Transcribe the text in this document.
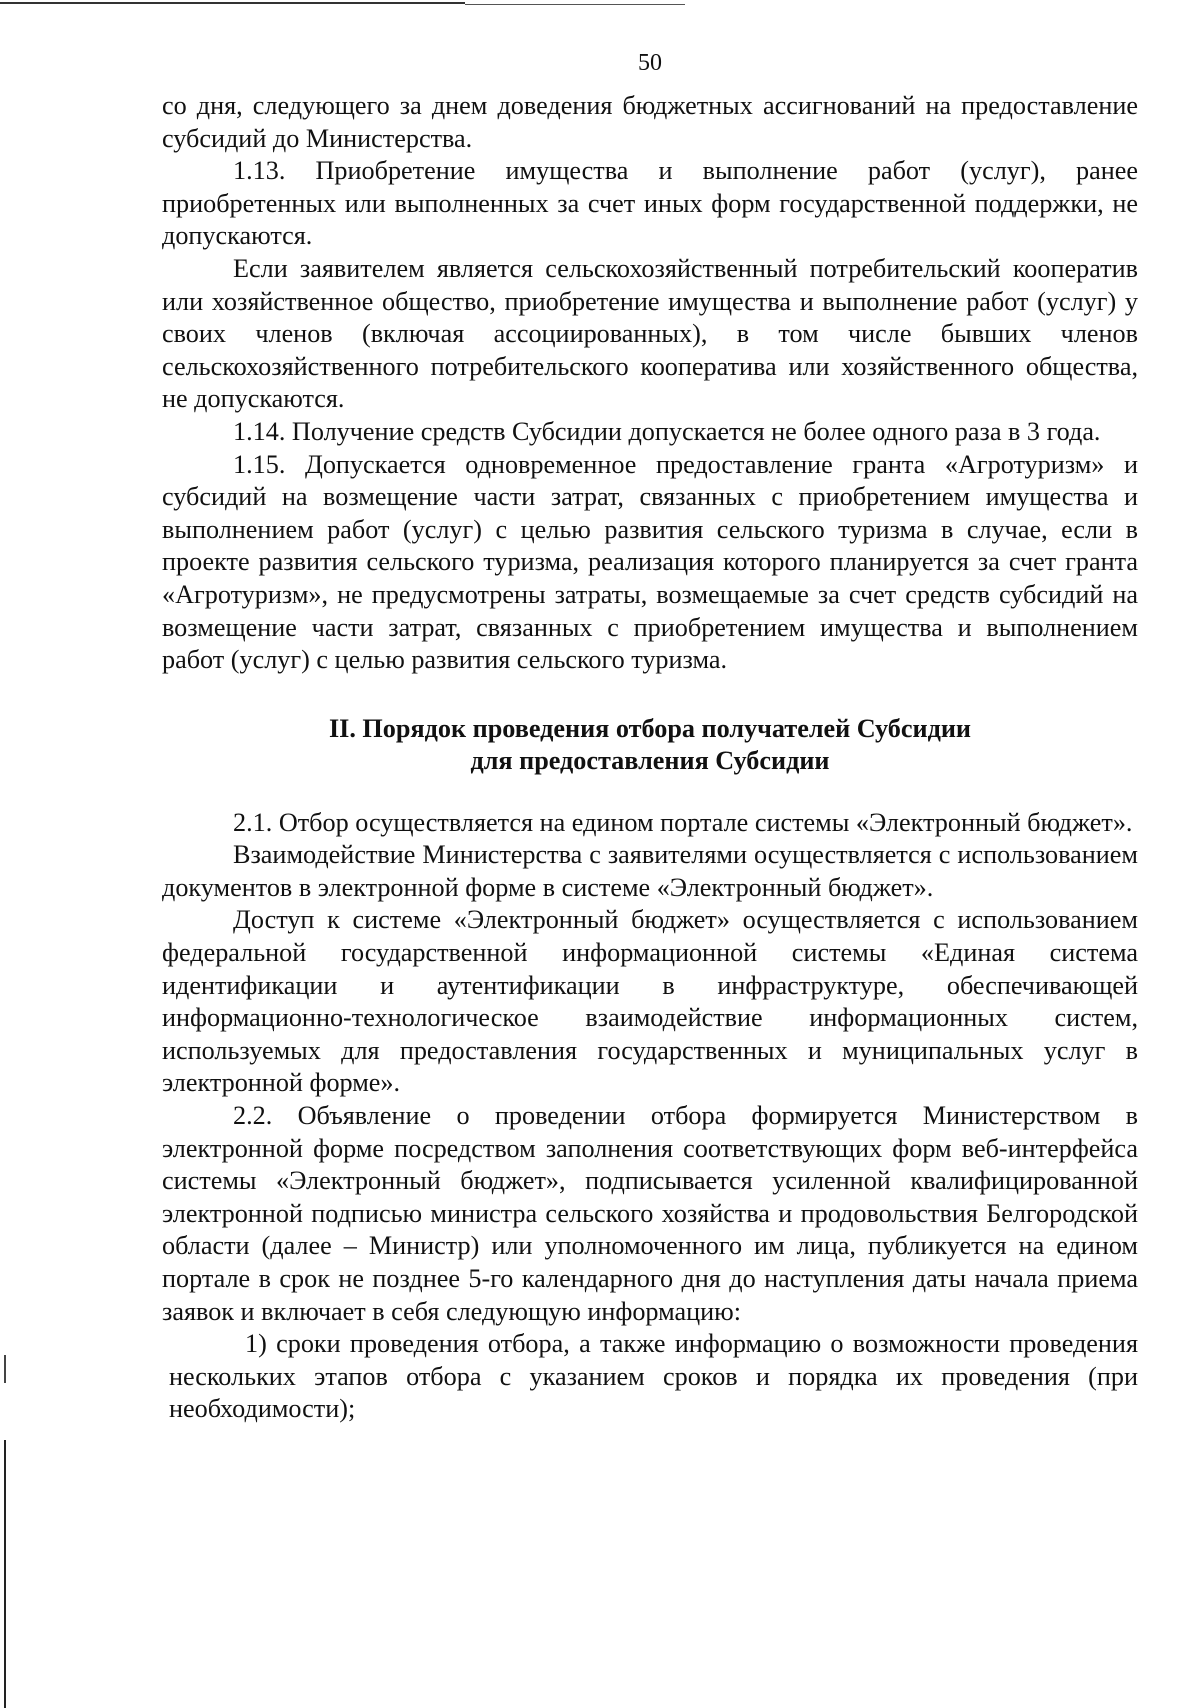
50

со дня, следующего за днем доведения бюджетных ассигнований на предоставление субсидий до Министерства.

1.13. Приобретение имущества и выполнение работ (услуг), ранее приобретенных или выполненных за счет иных форм государственной поддержки, не допускаются.

Если заявителем является сельскохозяйственный потребительский кооператив или хозяйственное общество, приобретение имущества и выполнение работ (услуг) у своих членов (включая ассоциированных), в том числе бывших членов сельскохозяйственного потребительского кооператива или хозяйственного общества, не допускаются.

1.14. Получение средств Субсидии допускается не более одного раза в 3 года.

1.15. Допускается одновременное предоставление гранта «Агротуризм» и субсидий на возмещение части затрат, связанных с приобретением имущества и выполнением работ (услуг) с целью развития сельского туризма в случае, если в проекте развития сельского туризма, реализация которого планируется за счет гранта «Агротуризм», не предусмотрены затраты, возмещаемые за счет средств субсидий на возмещение части затрат, связанных с приобретением имущества и выполнением работ (услуг) с целью развития сельского туризма.

II. Порядок проведения отбора получателей Субсидии
для предоставления Субсидии

2.1. Отбор осуществляется на едином портале системы «Электронный бюджет».

Взаимодействие Министерства с заявителями осуществляется с использованием документов в электронной форме в системе «Электронный бюджет».

Доступ к системе «Электронный бюджет» осуществляется с использованием федеральной государственной информационной системы «Единая система идентификации и аутентификации в инфраструктуре, обеспечивающей информационно-технологическое взаимодействие информационных систем, используемых для предоставления государственных и муниципальных услуг в электронной форме».

2.2. Объявление о проведении отбора формируется Министерством в электронной форме посредством заполнения соответствующих форм веб-интерфейса системы «Электронный бюджет», подписывается усиленной квалифицированной электронной подписью министра сельского хозяйства и продовольствия Белгородской области (далее – Министр) или уполномоченного им лица, публикуется на едином портале в срок не позднее 5-го календарного дня до наступления даты начала приема заявок и включает в себя следующую информацию:

1) сроки проведения отбора, а также информацию о возможности проведения нескольких этапов отбора с указанием сроков и порядка их проведения (при необходимости);
